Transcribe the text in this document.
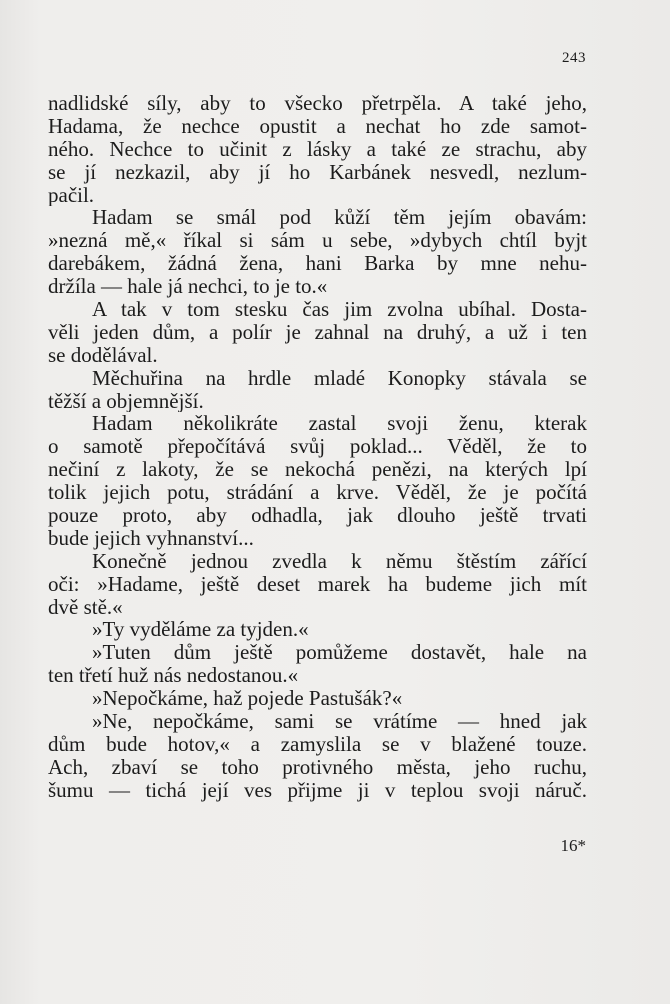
243
nadlidské síly, aby to všecko přetrpěla. A také jeho,
Hadama, že nechce opustit a nechat ho zde samot-
ného. Nechce to učinit z lásky a také ze strachu, aby
se jí nezkazil, aby jí ho Karbánek nesvedl, nezlum-
pačil.
Hadam se smál pod kůží těm jejím obavám:
»nezná mě,« říkal si sám u sebe, »dybych chtíl byjt
darebákem, žádná žena, hani Barka by mne nehu-
držíla — hale já nechci, to je to.«
A tak v tom stesku čas jim zvolna ubíhal. Dosta-
věli jeden dům, a polír je zahnal na druhý, a už i ten
se dodělával.
Měchuřina na hrdle mladé Konopky stávala se
těžší a objemnější.
Hadam několikráte zastal svoji ženu, kterak
o samotě přepočítává svůj poklad... Věděl, že to
nečiní z lakoty, že se nekochá penězi, na kterých lpí
tolik jejich potu, strádání a krve. Věděl, že je počítá
pouze proto, aby odhadla, jak dlouho ještě trvati
bude jejich vyhnanství...
Konečně jednou zvedla k němu štěstím zářící
oči: »Hadame, ještě deset marek ha budeme jich mít
dvě stě.«
»Ty vyděláme za tyjden.«
»Tuten dům ještě pomůžeme dostavět, hale na
ten třetí huž nás nedostanou.«
»Nepočkáme, haž pojede Pastušák?«
»Ne, nepočkáme, sami se vrátíme — hned jak
dům bude hotov,« a zamyslila se v blažené touze.
Ach, zbaví se toho protivného města, jeho ruchu,
šumu — tichá její ves přijme ji v teplou svoji náruč.
16*
